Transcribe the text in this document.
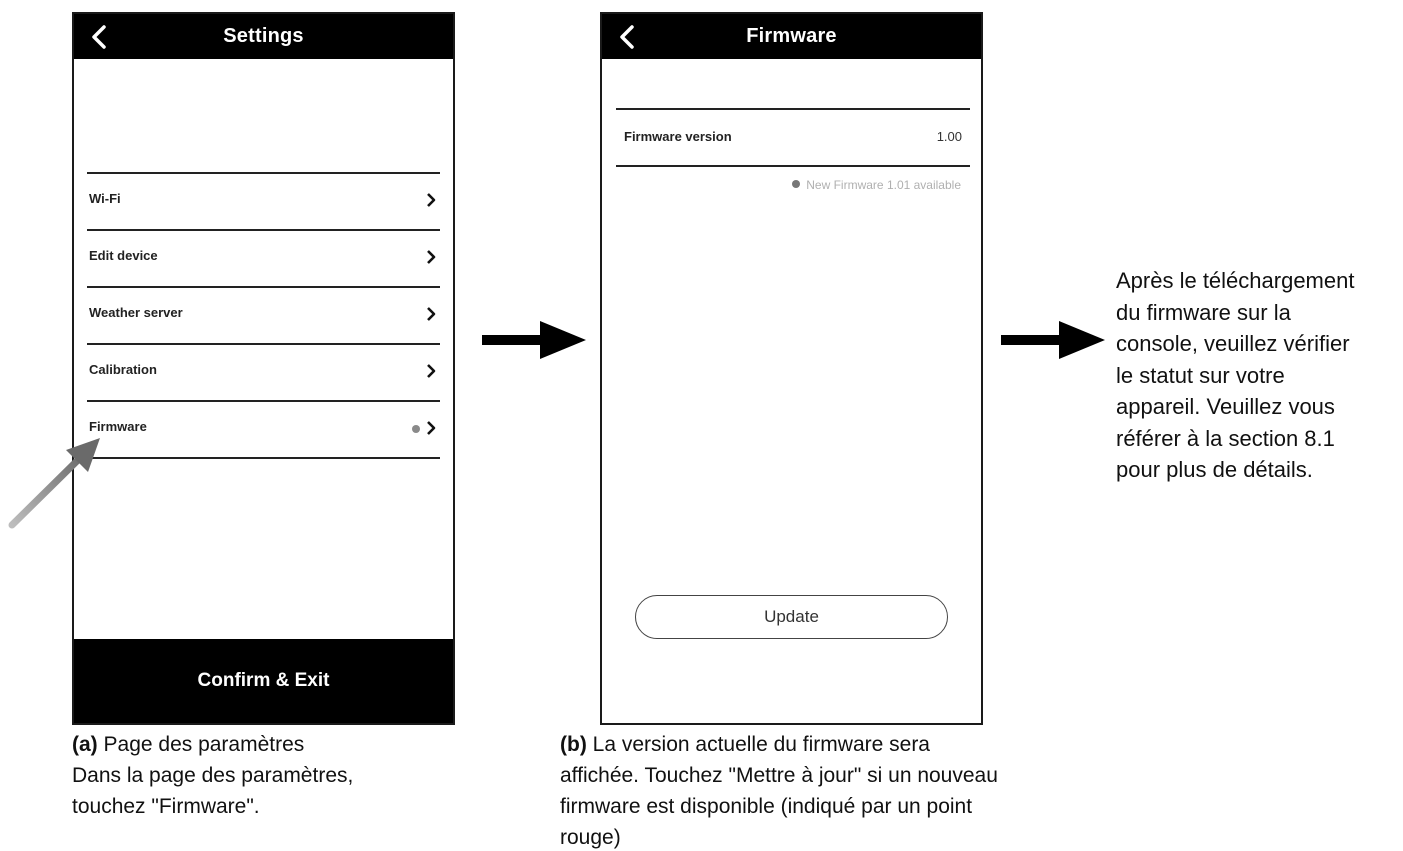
Settings
Wi-Fi
Edit device
Weather server
Calibration
Firmware
Confirm & Exit
Firmware
Firmware version	1.00
New Firmware 1.01 available
Update
Après le téléchargement
du firmware sur la
console, veuillez vérifier
le statut sur votre
appareil. Veuillez vous
référer à la section 8.1
pour plus de détails.
(a) Page des paramètres
Dans la page des paramètres,
touchez "Firmware".
(b) La version actuelle du firmware sera
affichée. Touchez "Mettre à jour" si un nouveau
firmware est disponible (indiqué par un point
rouge)
